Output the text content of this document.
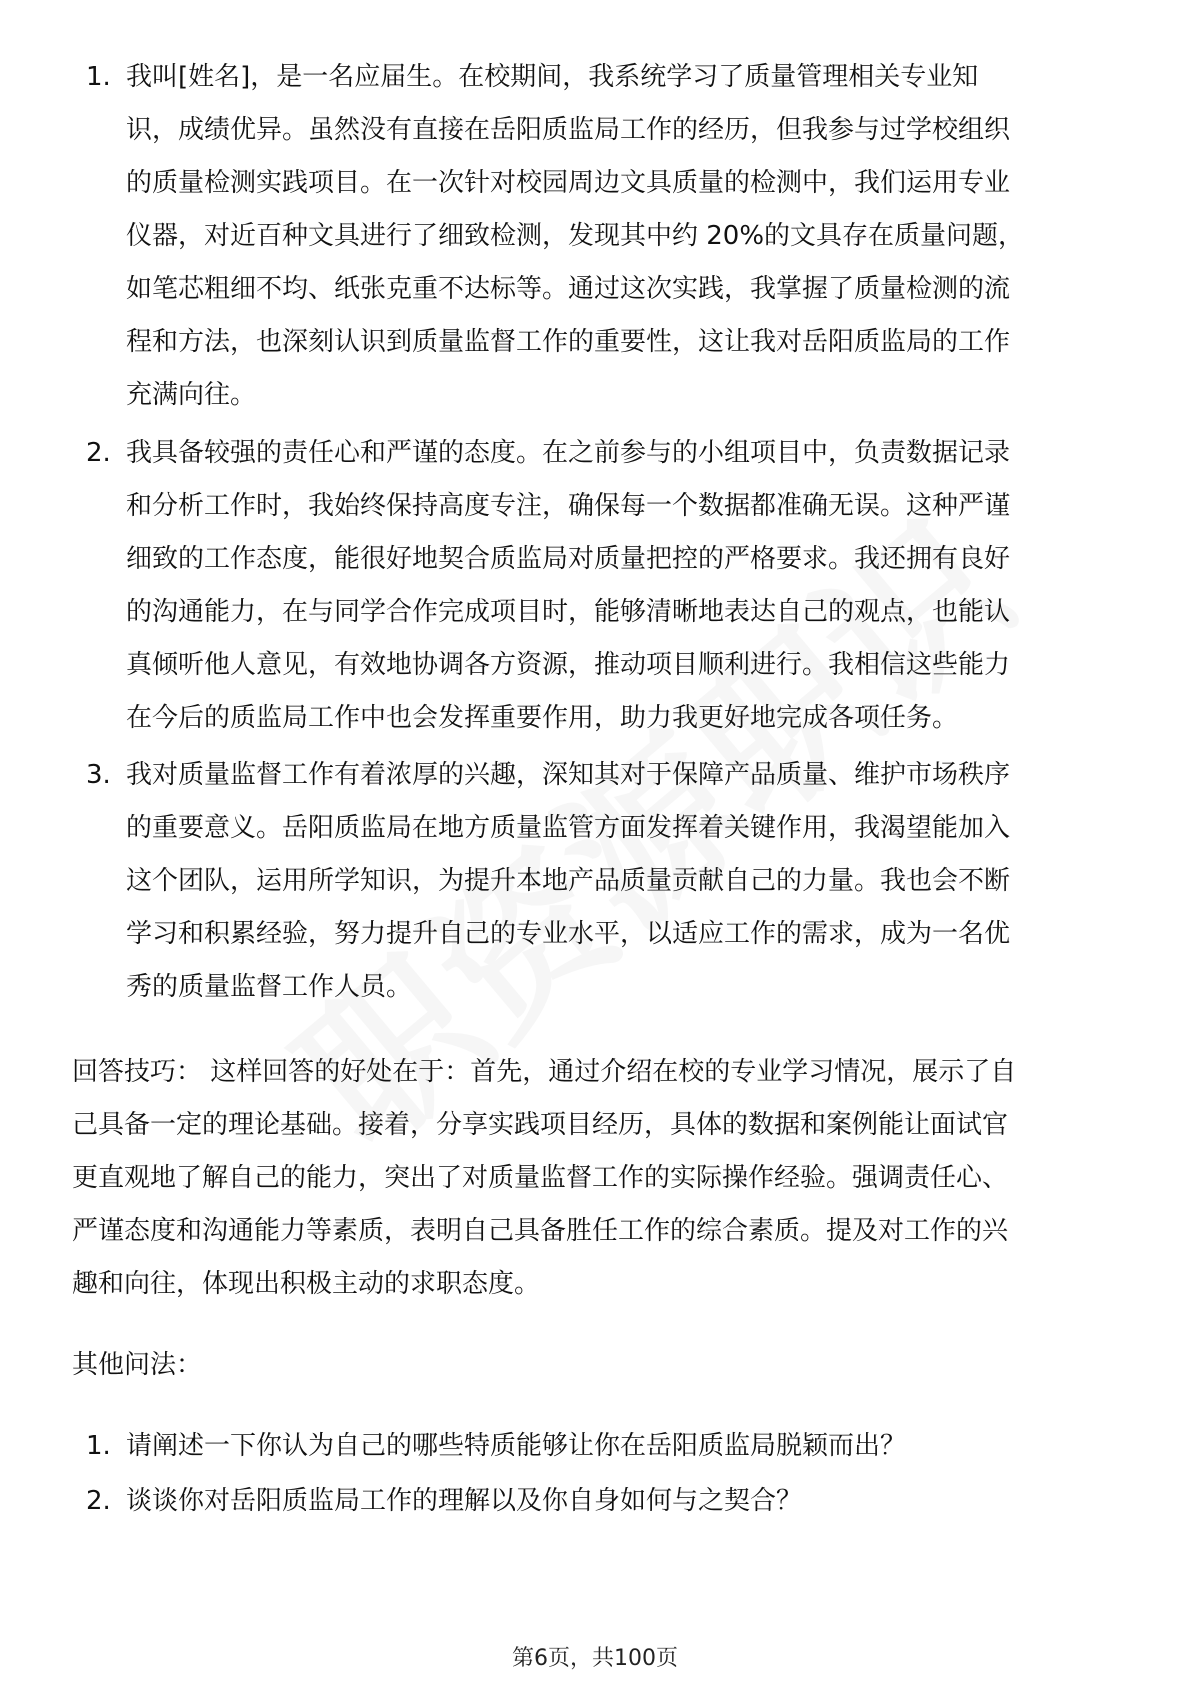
1. 我叫[姓名]，是一名应届生。在校期间，我系统学习了质量管理相关专业知
识，成绩优异。虽然没有直接在岳阳质监局工作的经历，但我参与过学校组织
的质量检测实践项目。在一次针对校园周边文具质量的检测中，我们运用专业
仪器，对近百种文具进行了细致检测，发现其中约 20%的文具存在质量问题，
如笔芯粗细不均、纸张克重不达标等。通过这次实践，我掌握了质量检测的流
程和方法，也深刻认识到质量监督工作的重要性，这让我对岳阳质监局的工作
充满向往。
2. 我具备较强的责任心和严谨的态度。在之前参与的小组项目中，负责数据记录
和分析工作时，我始终保持高度专注，确保每一个数据都准确无误。这种严谨
细致的工作态度，能很好地契合质监局对质量把控的严格要求。我还拥有良好
的沟通能力，在与同学合作完成项目时，能够清晰地表达自己的观点，也能认
真倾听他人意见，有效地协调各方资源，推动项目顺利进行。我相信这些能力
在今后的质监局工作中也会发挥重要作用，助力我更好地完成各项任务。
3. 我对质量监督工作有着浓厚的兴趣，深知其对于保障产品质量、维护市场秩序
的重要意义。岳阳质监局在地方质量监管方面发挥着关键作用，我渴望能加入
这个团队，运用所学知识，为提升本地产品质量贡献自己的力量。我也会不断
学习和积累经验，努力提升自己的专业水平，以适应工作的需求，成为一名优
秀的质量监督工作人员。
回答技巧： 这样回答的好处在于：首先，通过介绍在校的专业学习情况，展示了自
己具备一定的理论基础。接着，分享实践项目经历，具体的数据和案例能让面试官
更直观地了解自己的能力，突出了对质量监督工作的实际操作经验。强调责任心、
严谨态度和沟通能力等素质，表明自己具备胜任工作的综合素质。提及对工作的兴
趣和向往，体现出积极主动的求职态度。
其他问法：
1. 请阐述一下你认为自己的哪些特质能够让你在岳阳质监局脱颖而出？
2. 谈谈你对岳阳质监局工作的理解以及你自身如何与之契合？
第6页，共100页
